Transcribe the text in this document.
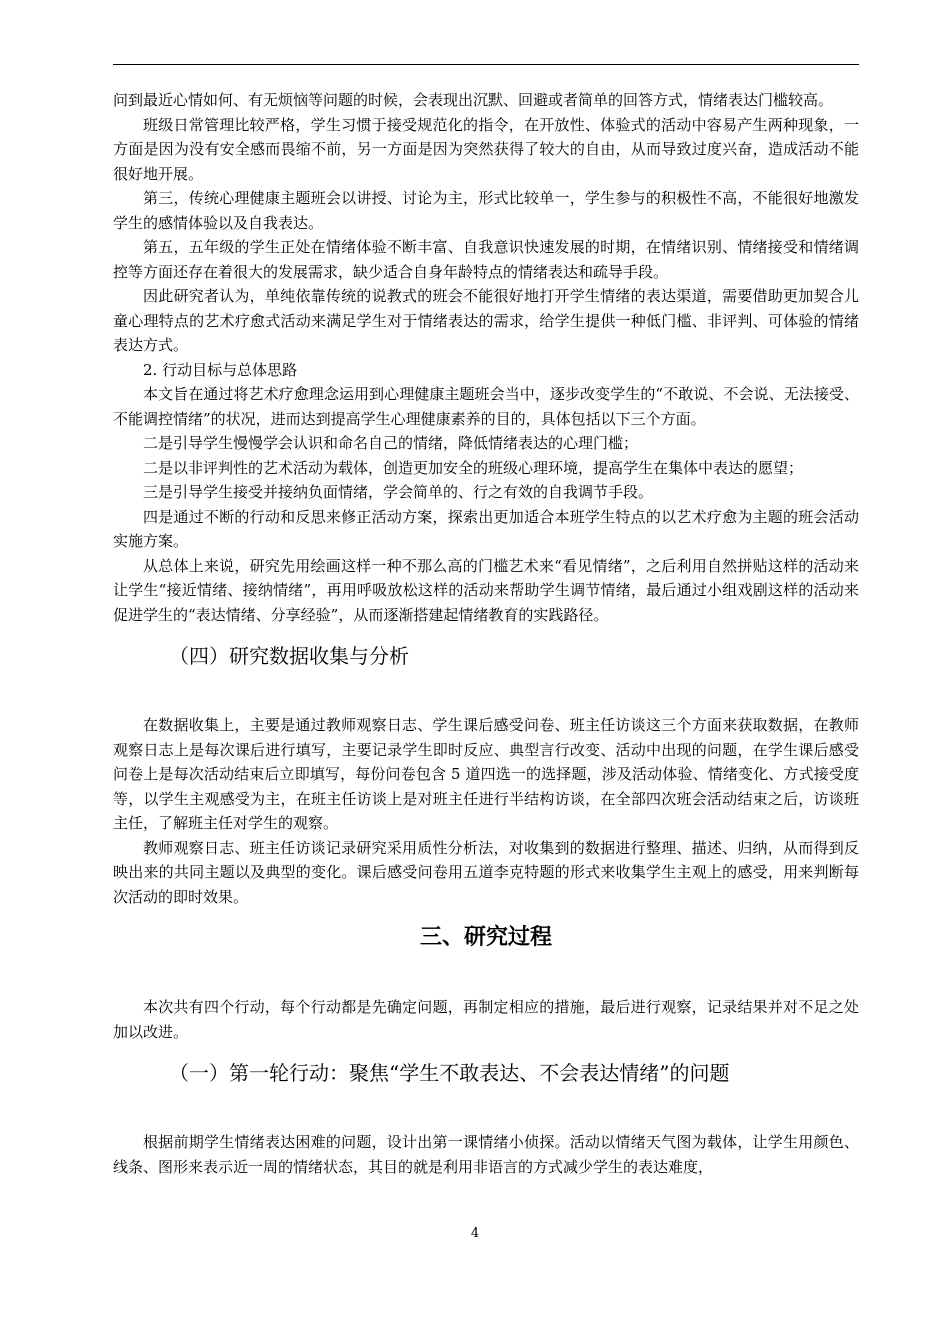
问到最近心情如何、有无烦恼等问题的时候，会表现出沉默、回避或者简单的回答方式，情绪表达门槛较高。

班级日常管理比较严格，学生习惯于接受规范化的指令，在开放性、体验式的活动中容易产生两种现象，一方面是因为没有安全感而畏缩不前，另一方面是因为突然获得了较大的自由，从而导致过度兴奋，造成活动不能很好地开展。

第三，传统心理健康主题班会以讲授、讨论为主，形式比较单一，学生参与的积极性不高，不能很好地激发学生的感情体验以及自我表达。

第五，五年级的学生正处在情绪体验不断丰富、自我意识快速发展的时期，在情绪识别、情绪接受和情绪调控等方面还存在着很大的发展需求，缺少适合自身年龄特点的情绪表达和疏导手段。

因此研究者认为，单纯依靠传统的说教式的班会不能很好地打开学生情绪的表达渠道，需要借助更加契合儿童心理特点的艺术疗愈式活动来满足学生对于情绪表达的需求，给学生提供一种低门槛、非评判、可体验的情绪表达方式。

2. 行动目标与总体思路

本文旨在通过将艺术疗愈理念运用到心理健康主题班会当中，逐步改变学生的“不敢说、不会说、无法接受、不能调控情绪”的状况，进而达到提高学生心理健康素养的目的，具体包括以下三个方面。

二是引导学生慢慢学会认识和命名自己的情绪，降低情绪表达的心理门槛；

二是以非评判性的艺术活动为载体，创造更加安全的班级心理环境，提高学生在集体中表达的愿望；

三是引导学生接受并接纳负面情绪，学会简单的、行之有效的自我调节手段。

四是通过不断的行动和反思来修正活动方案，探索出更加适合本班学生特点的以艺术疗愈为主题的班会活动实施方案。

从总体上来说，研究先用绘画这样一种不那么高的门槛艺术来“看见情绪”，之后利用自然拼贴这样的活动来让学生“接近情绪、接纳情绪”，再用呼吸放松这样的活动来帮助学生调节情绪，最后通过小组戏剧这样的活动来促进学生的“表达情绪、分享经验”，从而逐渐搭建起情绪教育的实践路径。

（四）研究数据收集与分析

在数据收集上，主要是通过教师观察日志、学生课后感受问卷、班主任访谈这三个方面来获取数据，在教师观察日志上是每次课后进行填写，主要记录学生即时反应、典型言行改变、活动中出现的问题，在学生课后感受问卷上是每次活动结束后立即填写，每份问卷包含 5 道四选一的选择题，涉及活动体验、情绪变化、方式接受度等，以学生主观感受为主，在班主任访谈上是对班主任进行半结构访谈，在全部四次班会活动结束之后，访谈班主任，了解班主任对学生的观察。

教师观察日志、班主任访谈记录研究采用质性分析法，对收集到的数据进行整理、描述、归纳，从而得到反映出来的共同主题以及典型的变化。课后感受问卷用五道李克特题的形式来收集学生主观上的感受，用来判断每次活动的即时效果。

三、研究过程

本次共有四个行动，每个行动都是先确定问题，再制定相应的措施，最后进行观察，记录结果并对不足之处加以改进。

（一）第一轮行动：聚焦“学生不敢表达、不会表达情绪”的问题

根据前期学生情绪表达困难的问题，设计出第一课情绪小侦探。活动以情绪天气图为载体，让学生用颜色、线条、图形来表示近一周的情绪状态，其目的就是利用非语言的方式减少学生的表达难度，

4
